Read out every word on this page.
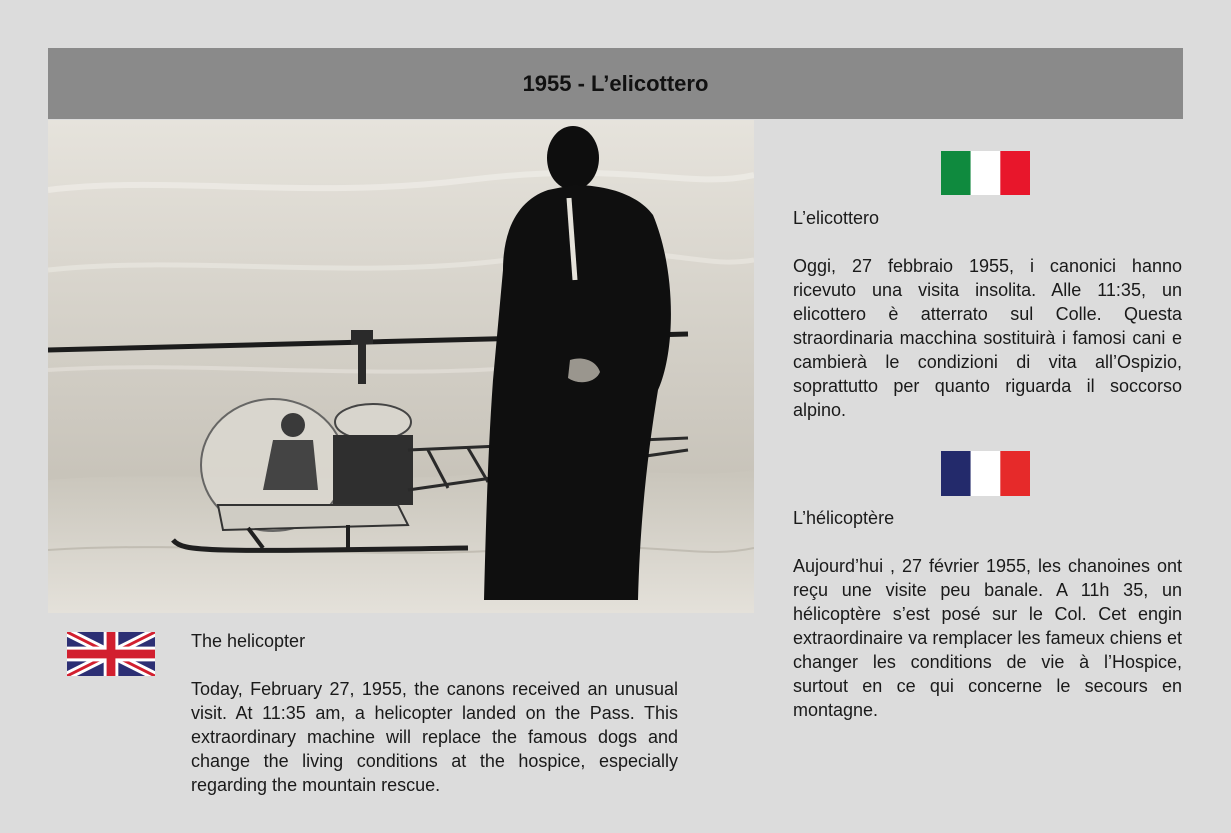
1955 - L’elicottero

The helicopter

Today, February 27, 1955, the canons received an unusual visit. At 11:35 am, a helicopter landed on the Pass. This extraordinary machine will replace the famous dogs and change the living conditions at the hospice, especially regarding the mountain rescue.

L’elicottero

Oggi, 27 febbraio 1955, i canonici hanno ricevuto una visita insolita. Alle 11:35, un elicottero è atterrato sul Colle. Questa straordinaria macchina sostituirà i famosi cani e cambierà le condizioni di vita all’Ospizio, soprattutto per quanto riguarda il soccorso alpino.

L’hélicoptère

Aujourd’hui , 27 février 1955, les chanoines ont reçu une visite peu banale. A 11h 35, un hélicoptère s’est posé sur le Col. Cet engin extraordinaire va remplacer les fameux chiens et changer les conditions de vie à l’Hospice, surtout en ce qui concerne le secours en montagne.
